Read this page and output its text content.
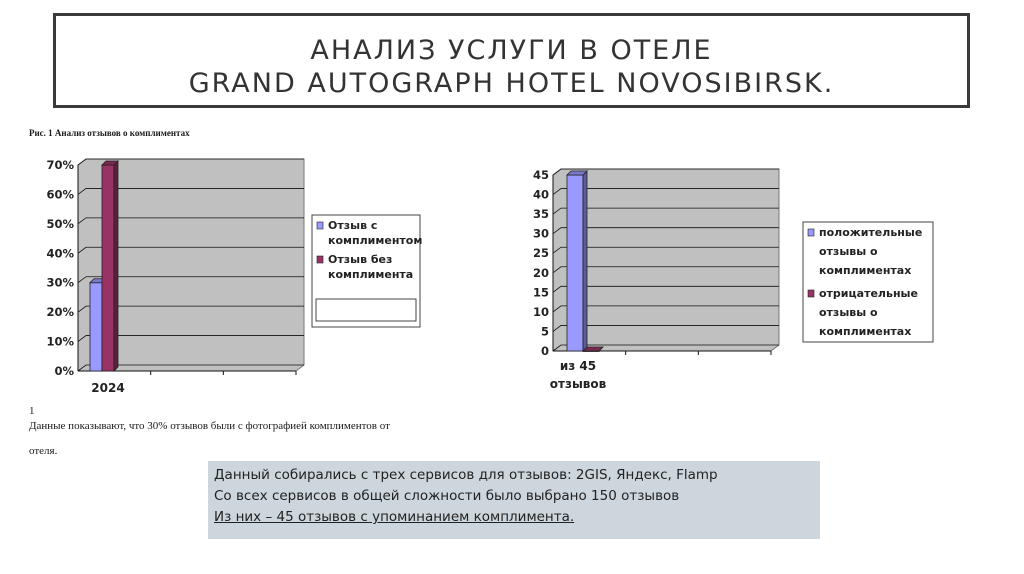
АНАЛИЗ УСЛУГИ В ОТЕЛЕ
GRAND AUTOGRAPH HOTEL NOVOSIBIRSK.
Рис. 1 Анализ отзывов о комплиментах
0%
10%
20%
30%
40%
50%
60%
70%
2024
Отзыв с
комплиментом
Отзыв без
комплимента
0
5
10
15
20
25
30
35
40
45
из 45
отзывов
положительные
отзывы о
комплиментах
отрицательные
отзывы о
комплиментах
1
Данные показывают, что 30% отзывов были с фотографией комплиментов от
отеля.
Данный собирались с трех сервисов для отзывов: 2GIS, Яндекс, Flamp
Со всех сервисов в общей сложности было выбрано 150 отзывов
Из них – 45 отзывов с упоминанием комплимента.
